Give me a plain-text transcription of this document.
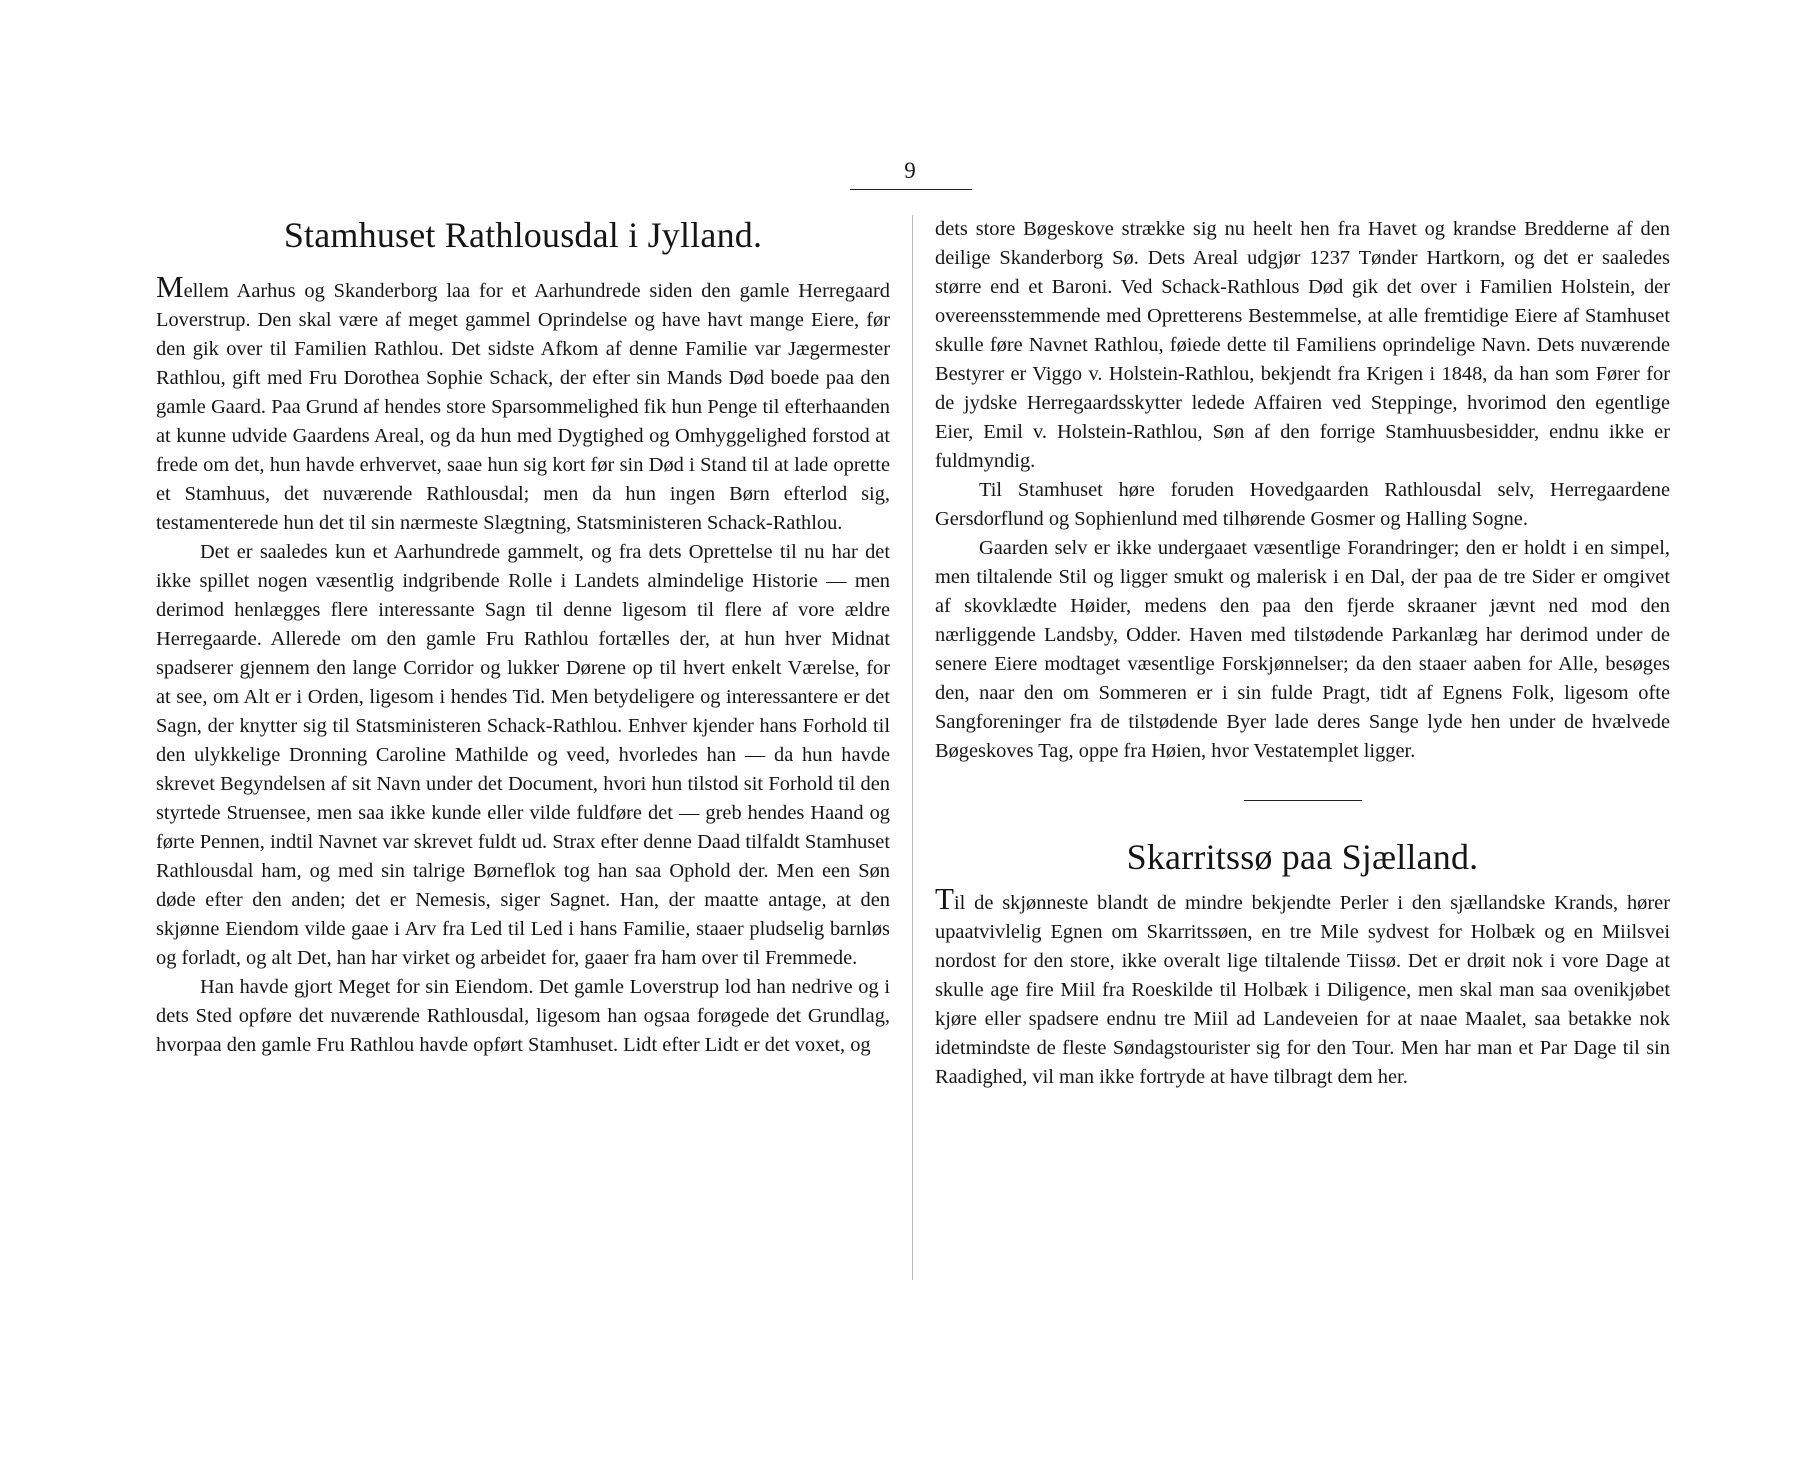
9
Stamhuset Rathlousdal i Jylland.

Mellem Aarhus og Skanderborg laa for et Aarhundrede siden den gamle Herregaard Loverstrup. Den skal være af meget gammel Oprindelse og have havt mange Eiere, før den gik over til Familien Rathlou. Det sidste Afkom af denne Familie var Jægermester Rathlou, gift med Fru Dorothea Sophie Schack, der efter sin Mands Død boede paa den gamle Gaard. Paa Grund af hendes store Sparsommelighed fik hun Penge til efterhaanden at kunne udvide Gaardens Areal, og da hun med Dygtighed og Omhyggelighed forstod at frede om det, hun havde erhvervet, saae hun sig kort før sin Død i Stand til at lade oprette et Stamhuus, det nuværende Rathlousdal; men da hun ingen Børn efterlod sig, testamenterede hun det til sin nærmeste Slægtning, Statsministeren Schack-Rathlou.

Det er saaledes kun et Aarhundrede gammelt, og fra dets Oprettelse til nu har det ikke spillet nogen væsentlig indgribende Rolle i Landets almindelige Historie — men derimod henlægges flere interessante Sagn til denne ligesom til flere af vore ældre Herregaarde. Allerede om den gamle Fru Rathlou fortælles der, at hun hver Midnat spadserer gjennem den lange Corridor og lukker Dørene op til hvert enkelt Værelse, for at see, om Alt er i Orden, ligesom i hendes Tid. Men betydeligere og interessantere er det Sagn, der knytter sig til Statsministeren Schack-Rathlou. Enhver kjender hans Forhold til den ulykkelige Dronning Caroline Mathilde og veed, hvorledes han — da hun havde skrevet Begyndelsen af sit Navn under det Document, hvori hun tilstod sit Forhold til den styrtede Struensee, men saa ikke kunde eller vilde fuldføre det — greb hendes Haand og førte Pennen, indtil Navnet var skrevet fuldt ud. Strax efter denne Daad tilfaldt Stamhuset Rathlousdal ham, og med sin talrige Børneflok tog han saa Ophold der. Men een Søn døde efter den anden; det er Nemesis, siger Sagnet. Han, der maatte antage, at den skjønne Eiendom vilde gaae i Arv fra Led til Led i hans Familie, staaer pludselig barnløs og forladt, og alt Det, han har virket og arbeidet for, gaaer fra ham over til Fremmede.

Han havde gjort Meget for sin Eiendom. Det gamle Loverstrup lod han nedrive og i dets Sted opføre det nuværende Rathlousdal, ligesom han ogsaa forøgede det Grundlag, hvorpaa den gamle Fru Rathlou havde opført Stamhuset. Lidt efter Lidt er det voxet, og

dets store Bøgeskove strække sig nu heelt hen fra Havet og krandse Bredderne af den deilige Skanderborg Sø. Dets Areal udgjør 1237 Tønder Hartkorn, og det er saaledes større end et Baroni. Ved Schack-Rathlous Død gik det over i Familien Holstein, der overeensstemmende med Opretterens Bestemmelse, at alle fremtidige Eiere af Stamhuset skulle føre Navnet Rathlou, føiede dette til Familiens oprindelige Navn. Dets nuværende Bestyrer er Viggo v. Holstein-Rathlou, bekjendt fra Krigen i 1848, da han som Fører for de jydske Herregaardsskytter ledede Affairen ved Steppinge, hvorimod den egentlige Eier, Emil v. Holstein-Rathlou, Søn af den forrige Stamhuusbesidder, endnu ikke er fuldmyndig.

Til Stamhuset høre foruden Hovedgaarden Rathlousdal selv, Herregaardene Gersdorflund og Sophienlund med tilhørende Gosmer og Halling Sogne.

Gaarden selv er ikke undergaaet væsentlige Forandringer; den er holdt i en simpel, men tiltalende Stil og ligger smukt og malerisk i en Dal, der paa de tre Sider er omgivet af skovklædte Høider, medens den paa den fjerde skraaner jævnt ned mod den nærliggende Landsby, Odder. Haven med tilstødende Parkanlæg har derimod under de senere Eiere modtaget væsentlige Forskjønnelser; da den staaer aaben for Alle, besøges den, naar den om Sommeren er i sin fulde Pragt, tidt af Egnens Folk, ligesom ofte Sangforeninger fra de tilstødende Byer lade deres Sange lyde hen under de hvælvede Bøgeskoves Tag, oppe fra Høien, hvor Vestatemplet ligger.

Skarritssø paa Sjælland.

Til de skjønneste blandt de mindre bekjendte Perler i den sjællandske Krands, hører upaatvivlelig Egnen om Skarritssøen, en tre Mile sydvest for Holbæk og en Miilsvei nordost for den store, ikke overalt lige tiltalende Tiissø. Det er drøit nok i vore Dage at skulle age fire Miil fra Roeskilde til Holbæk i Diligence, men skal man saa ovenikjøbet kjøre eller spadsere endnu tre Miil ad Landeveien for at naae Maalet, saa betakke nok idetmindste de fleste Søndagstourister sig for den Tour. Men har man et Par Dage til sin Raadighed, vil man ikke fortryde at have tilbragt dem her.
